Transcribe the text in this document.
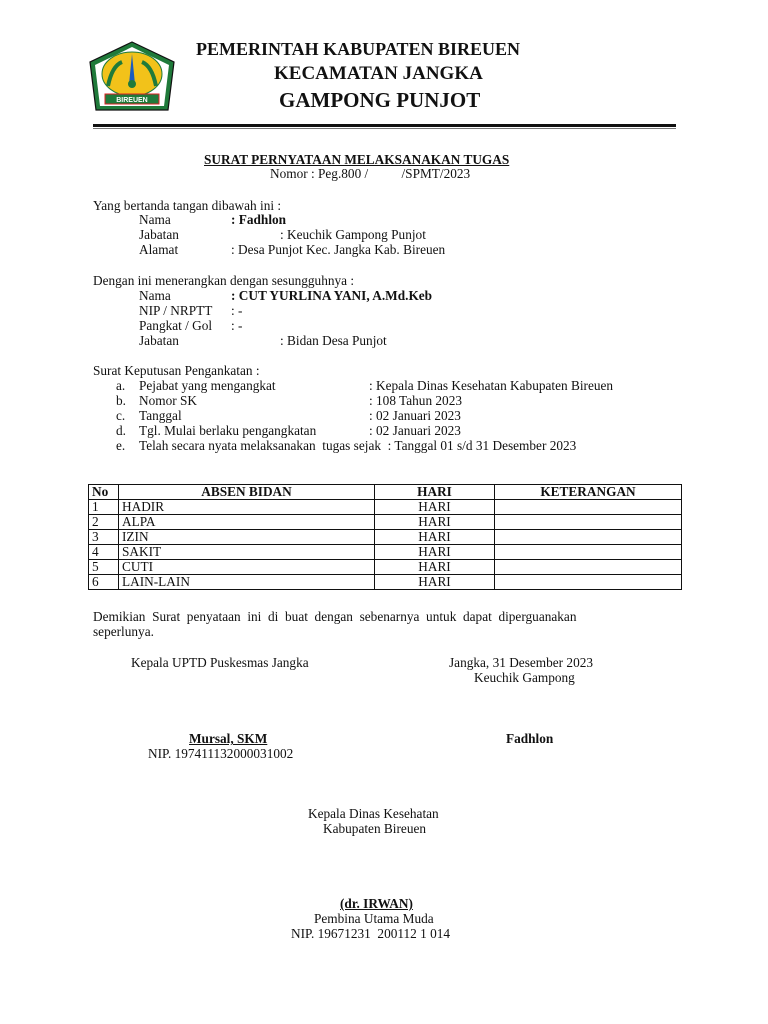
BIREUEN
PEMERINTAH KABUPATEN BIREUEN
KECAMATAN JANGKA
GAMPONG PUNJOT
SURAT PERNYATAAN MELAKSANAKAN TUGAS
Nomor : Peg.800 /          /SPMT/2023
Yang bertanda tangan dibawah ini :
Nama	: Fadhlon
Jabatan	: Keuchik Gampong Punjot
Alamat	: Desa Punjot Kec. Jangka Kab. Bireuen
Dengan ini menerangkan dengan sesungguhnya :
Nama	: CUT YURLINA YANI, A.Md.Keb
NIP / NRPTT : -
Pangkat / Gol : -
Jabatan	: Bidan Desa Punjot
Surat Keputusan Pengankatan :
a. Pejabat yang mengangkat	: Kepala Dinas Kesehatan Kabupaten Bireuen
b. Nomor SK	: 108 Tahun 2023
c. Tanggal	: 02 Januari 2023
d. Tgl. Mulai berlaku pengangkatan	: 02 Januari 2023
e. Telah secara nyata melaksanakan  tugas sejak  : Tanggal 01 s/d 31 Desember 2023
No	ABSEN BIDAN	HARI	KETERANGAN
1	HADIR	HARI	
2	ALPA	HARI	
3	IZIN	HARI	
4	SAKIT	HARI	
5	CUTI	HARI	
6	LAIN-LAIN	HARI	
Demikian  Surat  penyataan  ini  di  buat  dengan  sebenarnya  untuk  dapat  diperguanakan
seperlunya.
Kepala UPTD Puskesmas Jangka	Jangka, 31 Desember 2023
Keuchik Gampong
Mursal, SKM
NIP. 197411132000031002
Fadhlon
Kepala Dinas Kesehatan
Kabupaten Bireuen
(dr. IRWAN)
Pembina Utama Muda
NIP. 19671231  200112 1 014
